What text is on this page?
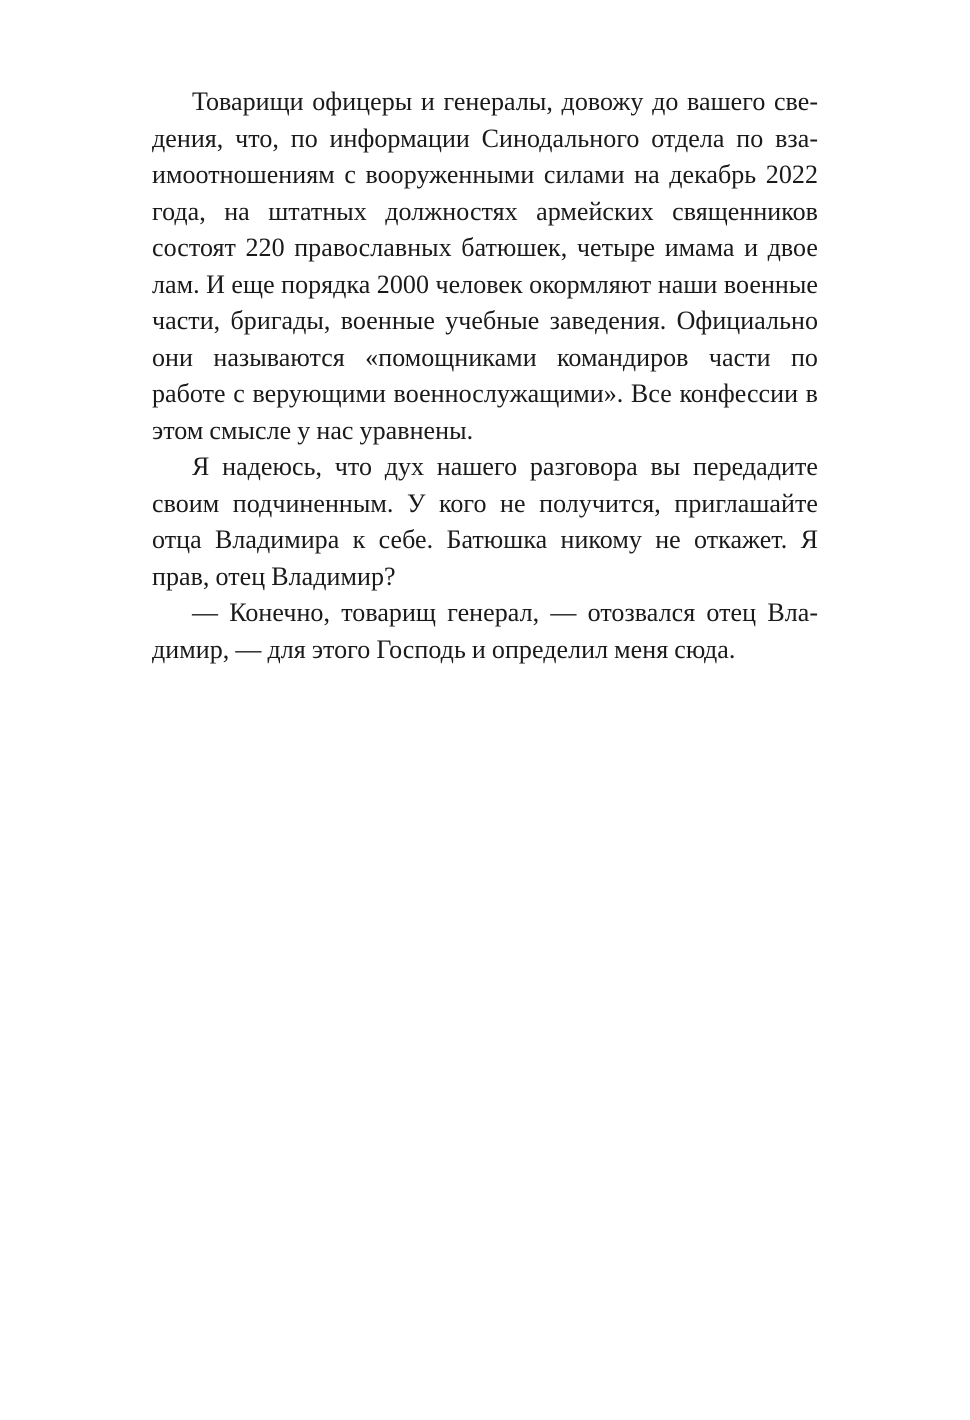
Товарищи офицеры и генералы, довожу до вашего сведения, что, по информации Синодального отдела по взаимоотношениям с вооруженными силами на декабрь 2022 года, на штатных должностях армейских священников состоят 220 православных батюшек, четыре имама и двое лам. И еще порядка 2000 человек окормляют наши военные части, бригады, военные учебные заведения. Официально они называются «помощниками командиров части по работе с верующими военнослужащими». Все конфессии в этом смысле у нас уравнены.

Я надеюсь, что дух нашего разговора вы передадите своим подчиненным. У кого не получится, приглашайте отца Владимира к себе. Батюшка никому не откажет. Я прав, отец Владимир?

— Конечно, товарищ генерал, — отозвался отец Владимир, — для этого Господь и определил меня сюда.
